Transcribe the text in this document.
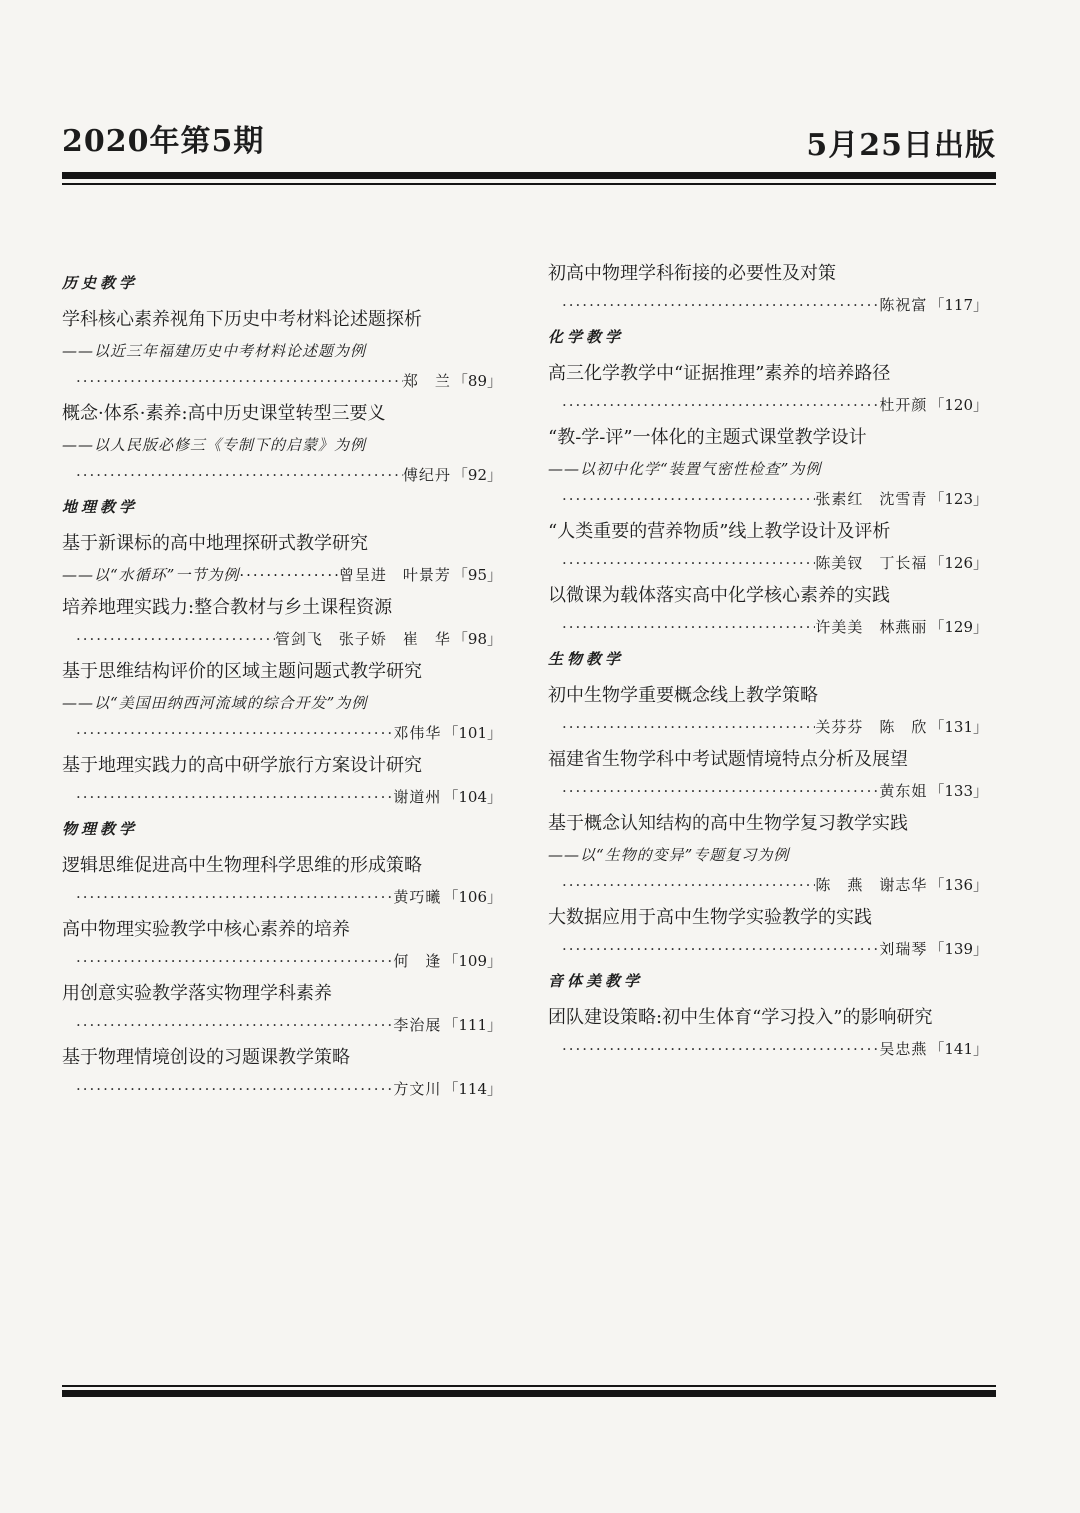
2020年第5期	5月25日出版
历史教学
学科核心素养视角下历史中考材料论述题探析
——以近三年福建历史中考材料论述题为例
·····
郑　兰 「89」
概念·体系·素养:高中历史课堂转型三要义
——以人民版必修三《专制下的启蒙》为例
·····
傅纪丹 「92」
地理教学
基于新课标的高中地理探研式教学研究
——以“水循环”一节为例
·····	曾呈进　叶景芳 「95」
培养地理实践力:整合教材与乡土课程资源
·····
管剑飞　张子娇　崔　华 「98」
基于思维结构评价的区域主题问题式教学研究
——以“美国田纳西河流域的综合开发”为例
·····
邓伟华 「101」
基于地理实践力的高中研学旅行方案设计研究
·····
谢道州 「104」
物理教学
逻辑思维促进高中生物理科学思维的形成策略
·····
黄巧曦 「106」
高中物理实验教学中核心素养的培养
·····
何　逢 「109」
用创意实验教学落实物理学科素养
·····
李治展 「111」
基于物理情境创设的习题课教学策略
·····
方文川 「114」
初高中物理学科衔接的必要性及对策
·····
陈祝富 「117」
化学教学
高三化学教学中“证据推理”素养的培养路径
·····
杜开颜 「120」
“教-学-评”一体化的主题式课堂教学设计
——以初中化学“装置气密性检查”为例
·····
张素红　沈雪青 「123」
“人类重要的营养物质”线上教学设计及评析
·····
陈美钗　丁长福 「126」
以微课为载体落实高中化学核心素养的实践
·····
许美美　林燕丽 「129」
生物教学
初中生物学重要概念线上教学策略
·····
关芬芬　陈　欣 「131」
福建省生物学科中考试题情境特点分析及展望
·····
黄东姐 「133」
基于概念认知结构的高中生物学复习教学实践
——以“生物的变异”专题复习为例
·····
陈　燕　谢志华 「136」
大数据应用于高中生物学实验教学的实践
·····
刘瑞琴 「139」
音体美教学
团队建设策略:初中生体育“学习投入”的影响研究
·····
吴忠燕 「141」
